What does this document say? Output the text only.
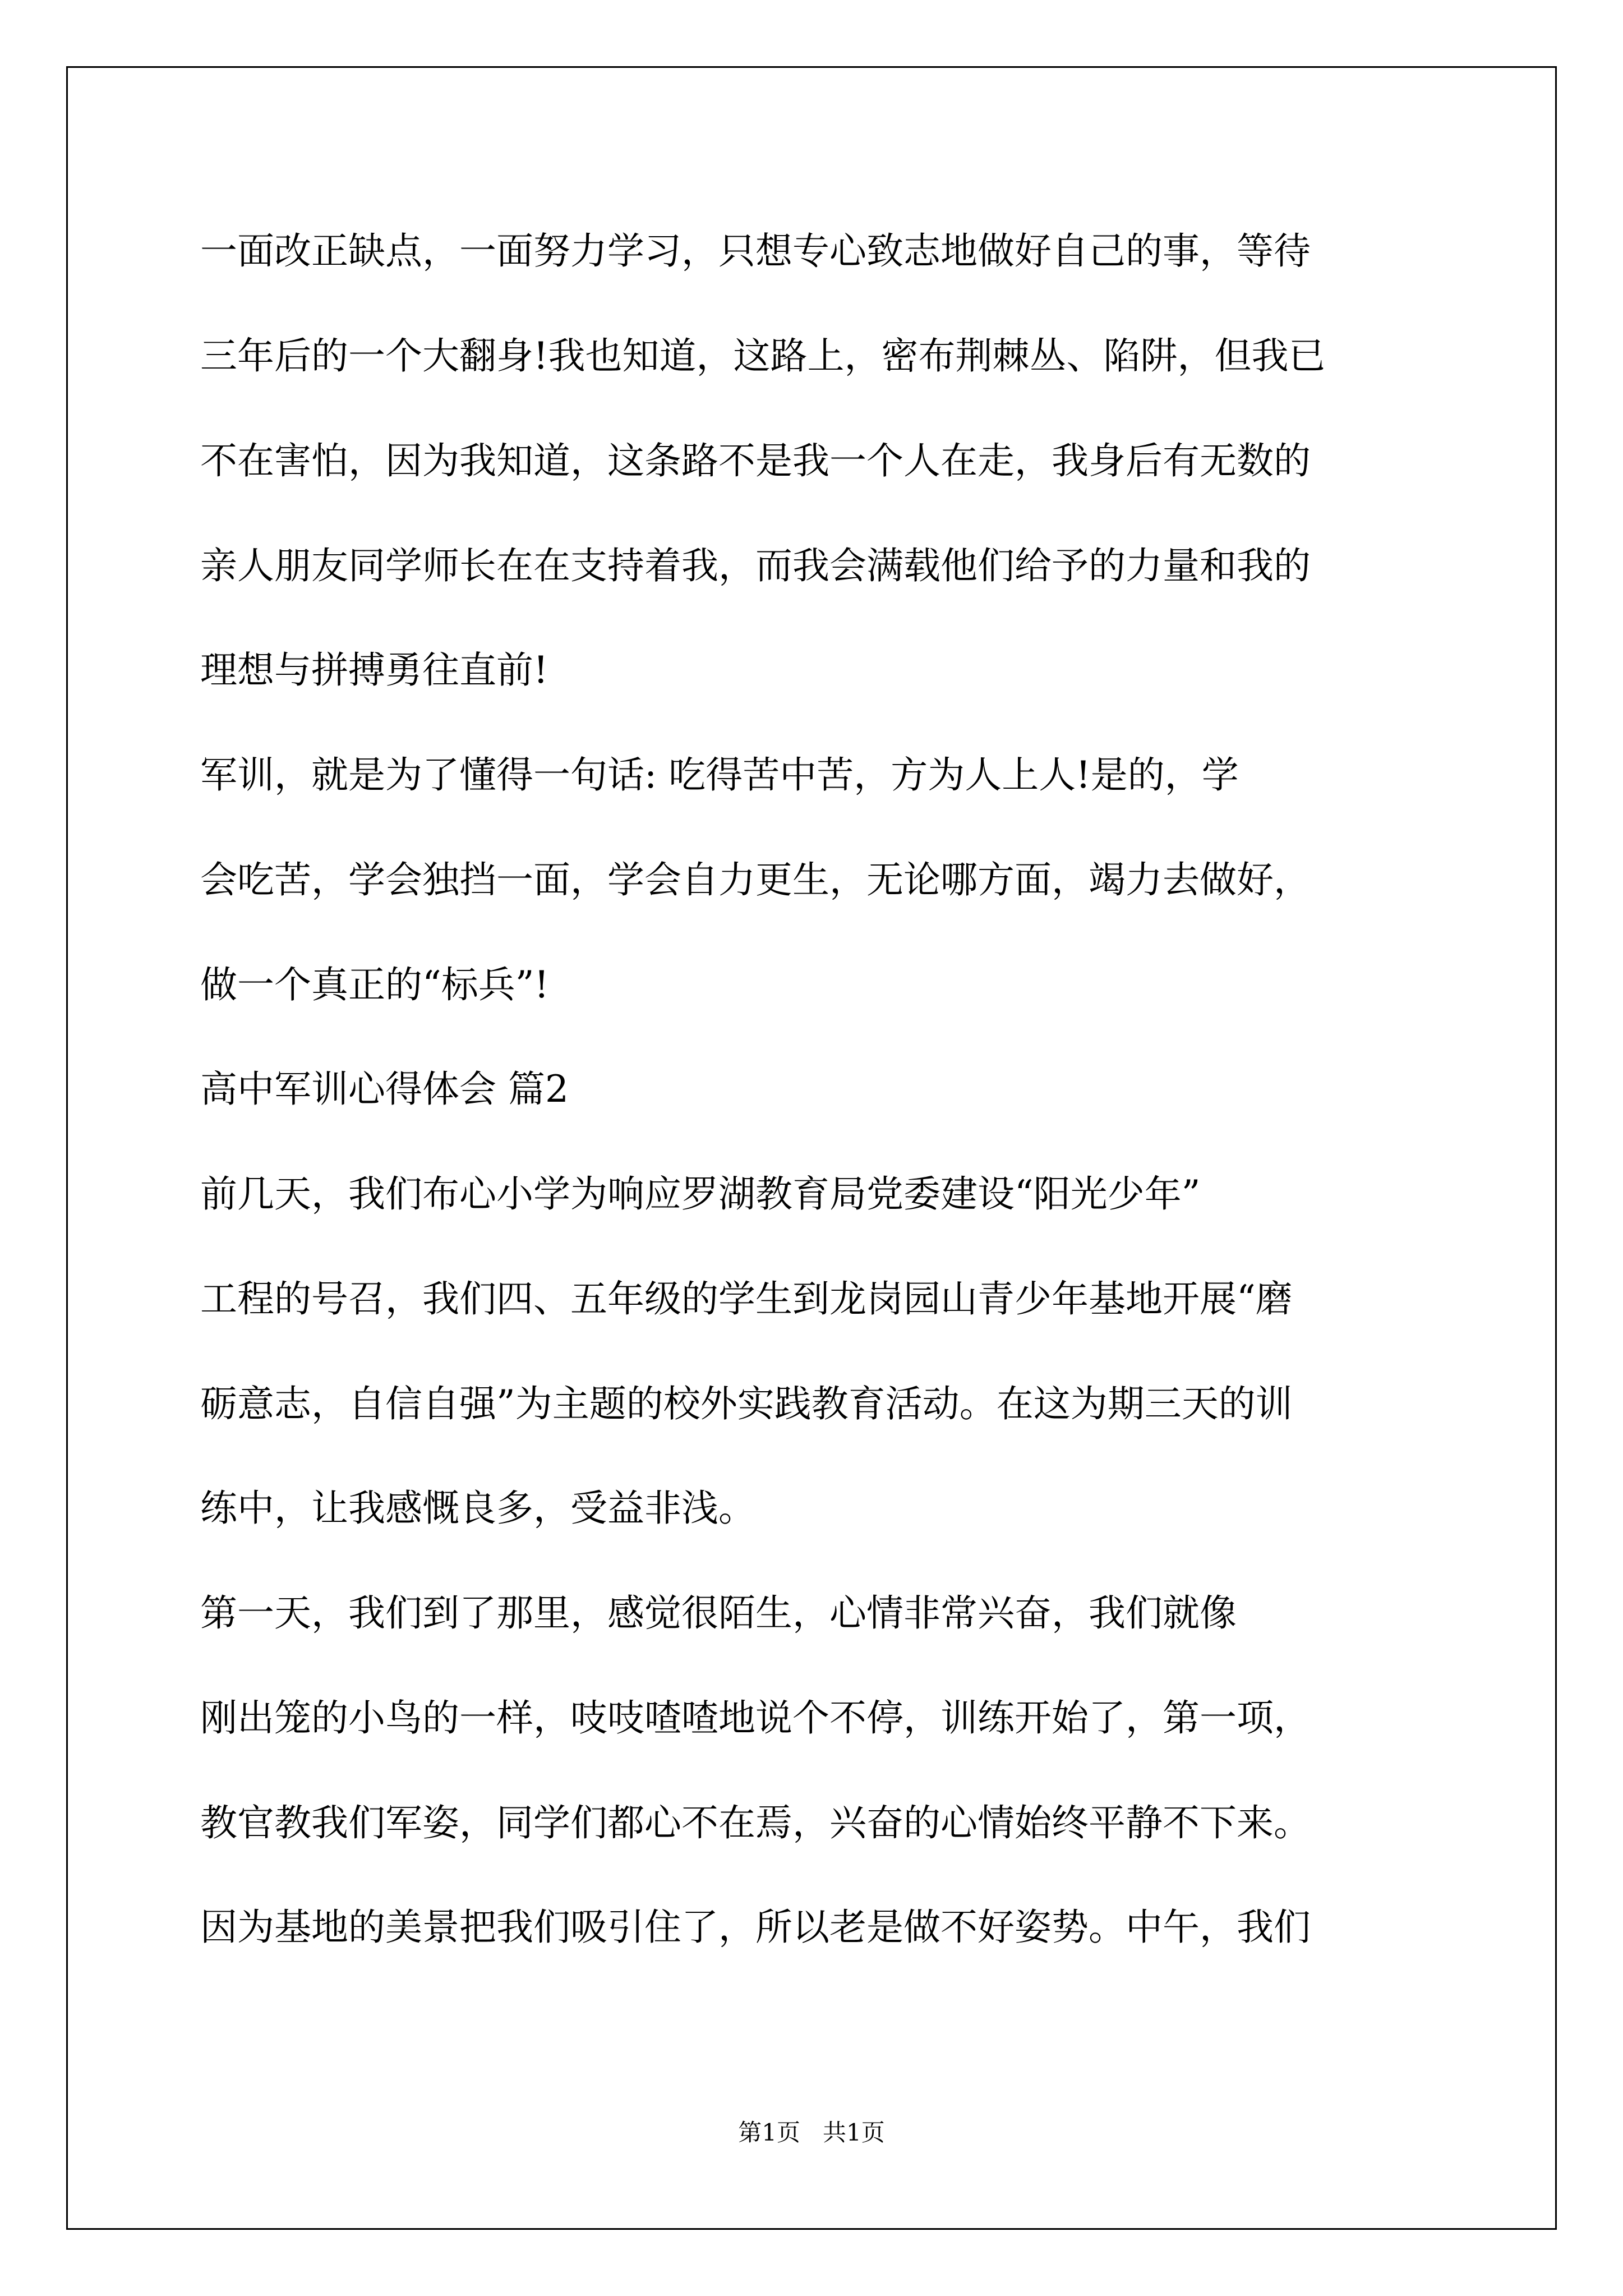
一面改正缺点，一面努力学习，只想专心致志地做好自己的事，等待
三年后的一个大翻身!我也知道，这路上，密布荆棘丛、陷阱，但我已
不在害怕，因为我知道，这条路不是我一个人在走，我身后有无数的
亲人朋友同学师长在在支持着我，而我会满载他们给予的力量和我的
理想与拼搏勇往直前!
军训，就是为了懂得一句话: 吃得苦中苦，方为人上人!是的，学
会吃苦，学会独挡一面，学会自力更生，无论哪方面，竭力去做好，
做一个真正的“标兵”!
高中军训心得体会 篇2
前几天，我们布心小学为响应罗湖教育局党委建设“阳光少年”
工程的号召，我们四、五年级的学生到龙岗园山青少年基地开展“磨
砺意志，自信自强”为主题的校外实践教育活动。在这为期三天的训
练中，让我感慨良多，受益非浅。
第一天，我们到了那里，感觉很陌生，心情非常兴奋，我们就像
刚出笼的小鸟的一样，吱吱喳喳地说个不停，训练开始了，第一项，
教官教我们军姿，同学们都心不在焉，兴奋的心情始终平静不下来。
因为基地的美景把我们吸引住了，所以老是做不好姿势。中午，我们
第1页   共1页
